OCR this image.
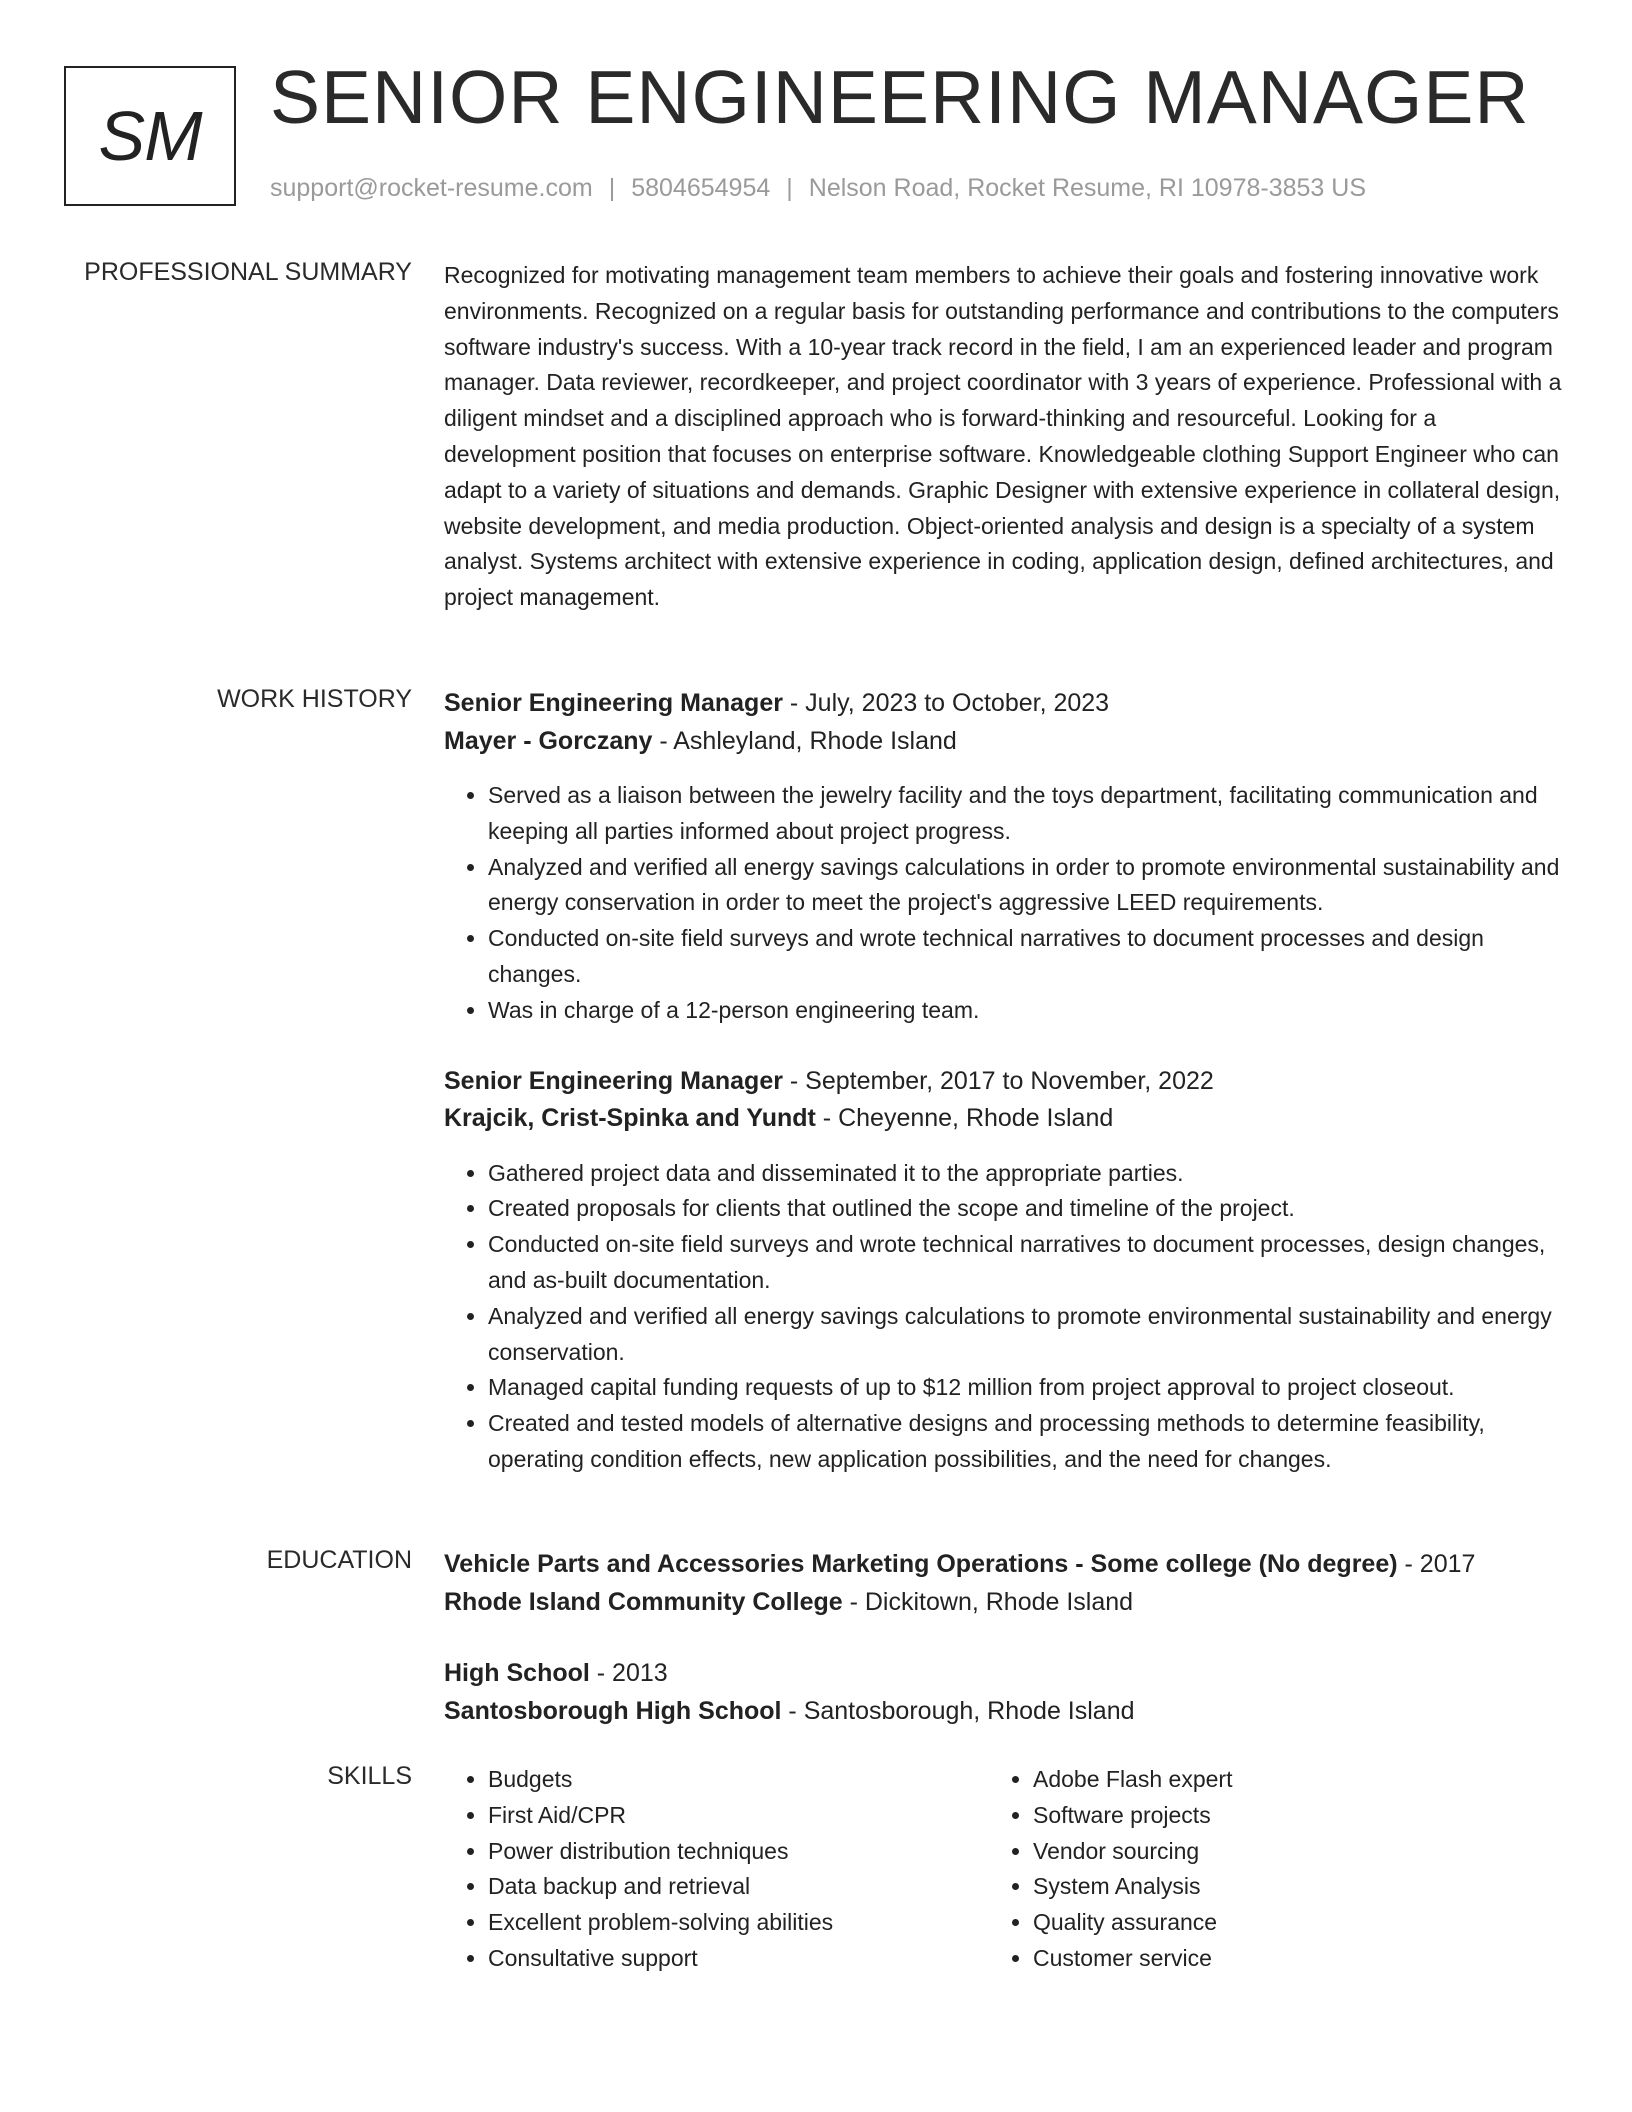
SM SENIOR ENGINEERING MANAGER
support@rocket-resume.com | 5804654954 | Nelson Road, Rocket Resume, RI 10978-3853 US
PROFESSIONAL SUMMARY Recognized for motivating management team members to achieve their goals and fostering innovative work environments. Recognized on a regular basis for outstanding performance and contributions to the computers software industry's success. With a 10-year track record in the field, I am an experienced leader and program manager. Data reviewer, recordkeeper, and project coordinator with 3 years of experience. Professional with a diligent mindset and a disciplined approach who is forward-thinking and resourceful. Looking for a development position that focuses on enterprise software. Knowledgeable clothing Support Engineer who can adapt to a variety of situations and demands. Graphic Designer with extensive experience in collateral design, website development, and media production. Object-oriented analysis and design is a specialty of a system analyst. Systems architect with extensive experience in coding, application design, defined architectures, and project management.

WORK HISTORY Senior Engineering Manager - July, 2023 to October, 2023

Mayer - Gorczany - Ashleyland, Rhode Island

• Served as a liaison between the jewelry facility and the toys department, facilitating communication and keeping all parties informed about project progress.
• Analyzed and verified all energy savings calculations in order to promote environmental sustainability and energy conservation in order to meet the project's aggressive LEED requirements.
• Conducted on-site field surveys and wrote technical narratives to document processes and design changes.
• Was in charge of a 12-person engineering team.

Senior Engineering Manager - September, 2017 to November, 2022

Krajcik, Crist-Spinka and Yundt - Cheyenne, Rhode Island

• Gathered project data and disseminated it to the appropriate parties.
• Created proposals for clients that outlined the scope and timeline of the project.
• Conducted on-site field surveys and wrote technical narratives to document processes, design changes, and as-built documentation.
• Analyzed and verified all energy savings calculations to promote environmental sustainability and energy conservation.
• Managed capital funding requests of up to $12 million from project approval to project closeout.
• Created and tested models of alternative designs and processing methods to determine feasibility, operating condition effects, new application possibilities, and the need for changes.
EDUCATION Vehicle Parts and Accessories Marketing Operations - Some college (No degree) - 2017

Rhode Island Community College - Dickitown, Rhode Island

High School - 2013

Santosborough High School - Santosborough, Rhode Island

SKILLS
•	Budgets
• First Aid/CPR
• Power distribution techniques
• Data backup and retrieval
• Excellent problem-solving abilities
• Consultative support
• Adobe Flash expert
• Software projects
• Vendor sourcing
• System Analysis
• Quality assurance
• Customer service
